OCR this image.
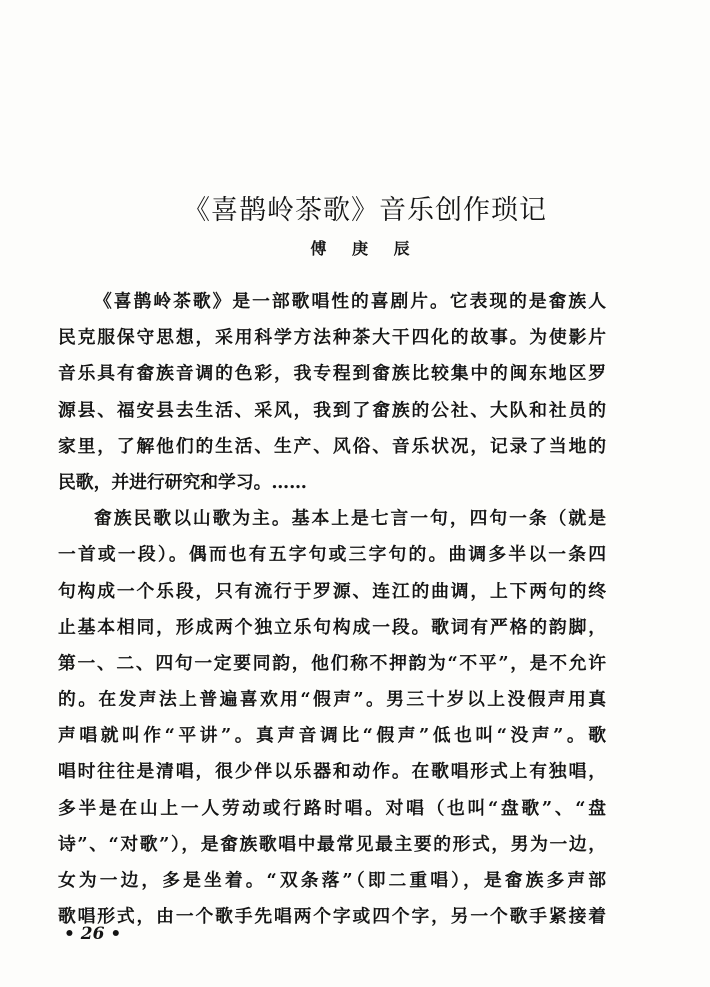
《喜鹊岭茶歌》音乐创作琐记
傅 庚 辰
《喜鹊岭茶歌》是一部歌唱性的喜剧片。它表现的是畲族人
民克服保守思想，采用科学方法种茶大干四化的故事。为使影片
音乐具有畲族音调的色彩，我专程到畲族比较集中的闽东地区罗
源县、福安县去生活、采风，我到了畲族的公社、大队和社员的
家里，了解他们的生活、生产、风俗、音乐状况，记录了当地的
民歌，并进行研究和学习。……
畲族民歌以山歌为主。基本上是七言一句，四句一条（就是
一首或一段）。偶而也有五字句或三字句的。曲调多半以一条四
句构成一个乐段，只有流行于罗源、连江的曲调，上下两句的终
止基本相同，形成两个独立乐句构成一段。歌词有严格的韵脚，
第一、二、四句一定要同韵，他们称不押韵为“不平”，是不允许
的。在发声法上普遍喜欢用“假声”。男三十岁以上没假声用真
声唱就叫作“平讲”。真声音调比“假声”低也叫“没声”。歌
唱时往往是清唱，很少伴以乐器和动作。在歌唱形式上有独唱，
多半是在山上一人劳动或行路时唱。对唱（也叫“盘歌”、“盘
诗”、“对歌”），是畲族歌唱中最常见最主要的形式，男为一边，
女为一边，多是坐着。“双条落”（即二重唱），是畲族多声部
歌唱形式，由一个歌手先唱两个字或四个字，另一个歌手紧接着
• 26 •
